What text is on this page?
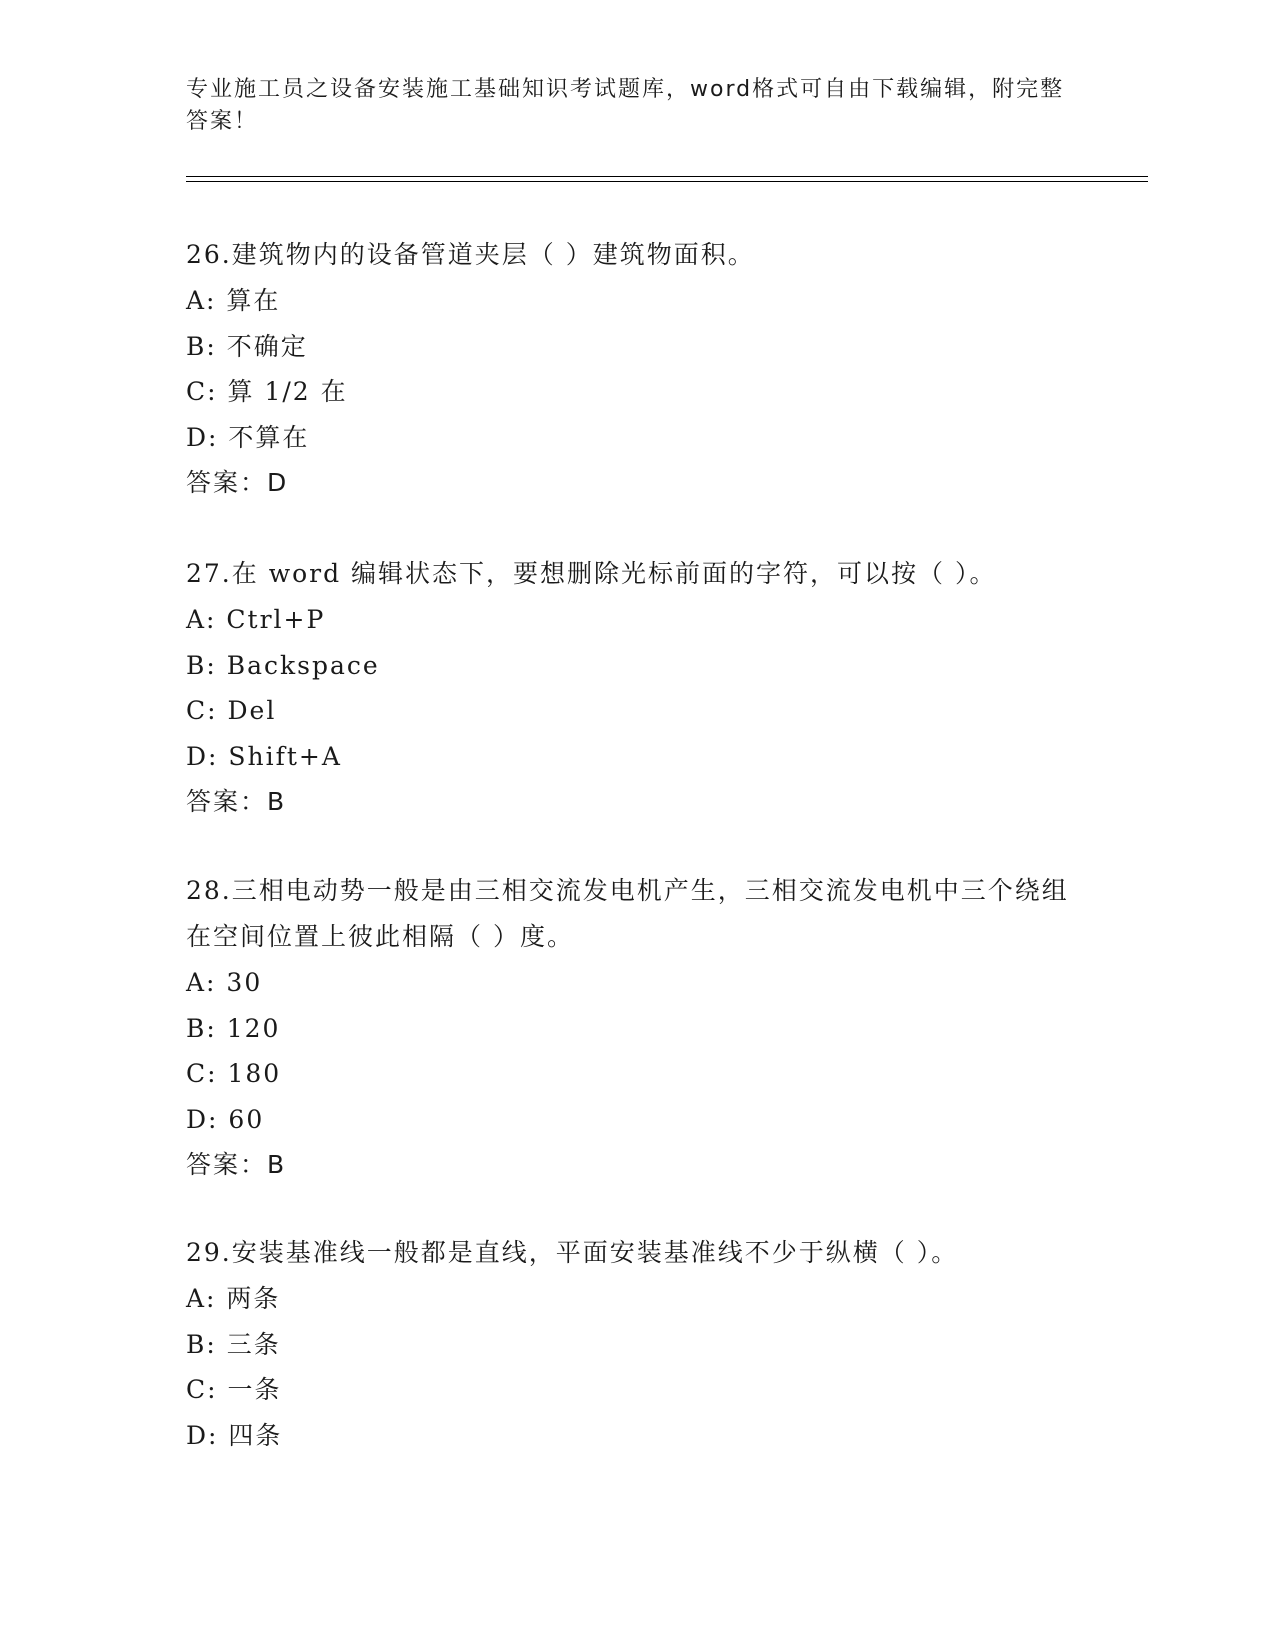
专业施工员之设备安装施工基础知识考试题库，word格式可自由下载编辑，附完整答案！

26.建筑物内的设备管道夹层（ ）建筑物面积。

A: 算在

B: 不确定

C: 算 1/2 在

D: 不算在

答案：D

27.在 word 编辑状态下，要想删除光标前面的字符，可以按（ ）。

A: Ctrl+P

B: Backspace

C: Del

D: Shift+A

答案：B

28.三相电动势一般是由三相交流发电机产生，三相交流发电机中三个绕组在空间位置上彼此相隔（ ）度。

A: 30

B: 120

C: 180

D: 60

答案：B

29.安装基准线一般都是直线，平面安装基准线不少于纵横（ ）。

A: 两条

B: 三条

C: 一条

D: 四条
